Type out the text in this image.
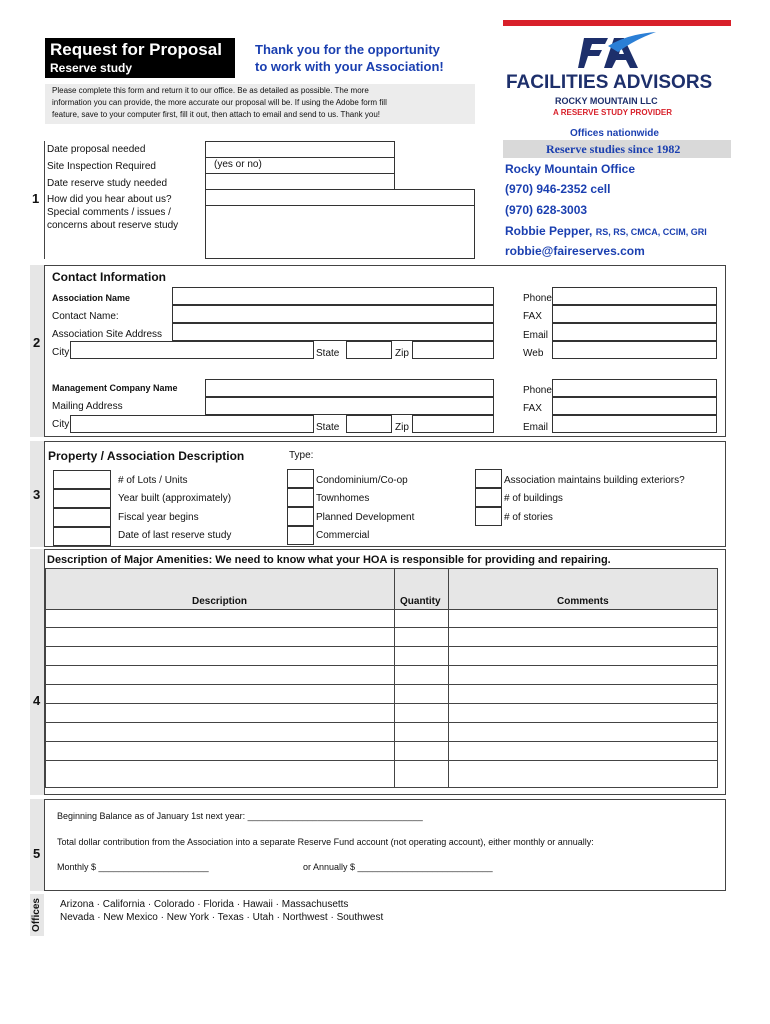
Request for Proposal
Reserve study
Thank you for the opportunity
to work with your Association!
Please complete this form and return it to our office. Be as detailed as possible. The more
information you can provide, the more accurate our proposal will be. If using the Adobe form fill
feature, save to your computer first, fill it out, then attach to email and send to us. Thank you!
FACILITIES ADVISORS
ROCKY MOUNTAIN LLC
A RESERVE STUDY PROVIDER
Offices nationwide
Reserve studies since 1982
Rocky Mountain Office
(970) 946-2352 cell
(970) 628-3003
Robbie Pepper, RS, RS, CMCA, CCIM, GRI
robbie@faireserves.com
1
Date proposal needed
Site Inspection Required
Date reserve study needed
How did you hear about us?
Special comments / issues /
concerns about reserve study
(yes or no)
2
Contact Information
Association Name
Contact Name:
Association Site Address
City	State	Zip
Phone
FAX
Email
Web
Management Company Name
Mailing Address
City	State	Zip
Phone
FAX
Email
3
Property / Association Description	Type:
# of Lots / Units
Year built (approximately)
Fiscal year begins
Date of last reserve study
Condominium/Co-op
Townhomes
Planned Development
Commercial
Association maintains building exteriors?
# of buildings
# of stories
4
Description of Major Amenities: We need to know what your HOA is responsible for providing and repairing.
Description	Quantity	Comments
5
Beginning Balance as of January 1st next year: ___________________________________
Total dollar contribution from the Association into a separate Reserve Fund account (not operating account), either monthly or annually:
Monthly $ ______________________	or Annually $ ___________________________
Offices Arizona · California · Colorado · Florida · Hawaii · Massachusetts
Nevada · New Mexico · New York · Texas · Utah · Northwest · Southwest
